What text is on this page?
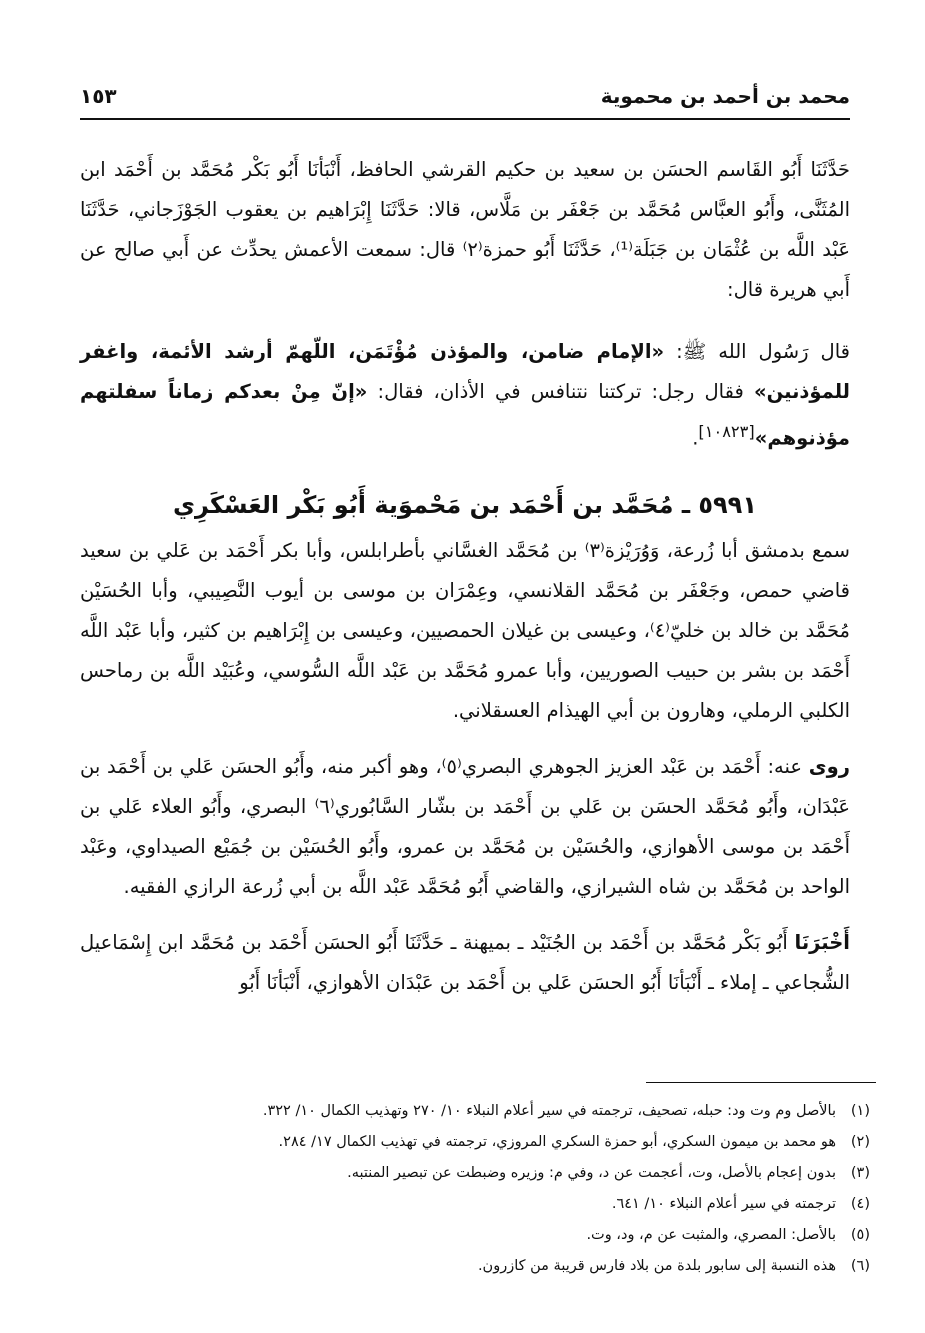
محمد بن أحمد بن محموية
١٥٣

حَدَّثَنَا أَبُو القَاسم الحسَن بن سعيد بن حكيم القرشي الحافظ، أَنْبَأنَا أَبُو بَكْر مُحَمَّد بن أَحْمَد ابن المُثَنَّى، وأَبُو العبَّاس مُحَمَّد بن جَعْفَر بن مَلَّاس، قالا: حَدَّثَنَا إِبْرَاهيم بن يعقوب الجَوْزَجاني، حَدَّثَنَا عَبْد اللَّه بن عُثْمَان بن جَبَلَة⁽¹⁾، حَدَّثَنَا أَبُو حمزة⁽٢⁾ قال: سمعت الأعمش يحدِّث عن أَبي صالح عن أَبي هريرة قال:

قال رَسُول الله ﷺ: «الإمام ضامن، والمؤذن مُؤْتَمَن، اللّهمّ أرشد الأئمة، واغفر للمؤذنين» فقال رجل: تركتنا نتنافس في الأذان، فقال: «إنّ مِنْ بعدكم زماناً سفلتهم مؤذنوهم»[١٠٨٢٣].

٥٩٩١ ـ مُحَمَّد بن أَحْمَد بن مَحْموَية أَبُو بَكْر العَسْكَرِي

سمع بدمشق أبا زُرعة، وَوُرَيْزة⁽٣⁾ بن مُحَمَّد الغسَّاني بأطرابلس، وأبا بكر أَحْمَد بن عَلي بن سعيد قاضي حمص، وجَعْفَر بن مُحَمَّد القلانسي، وعِمْرَان بن موسى بن أيوب النَّصِيبي، وأبا الحُسَيْن مُحَمَّد بن خالد بن خليّ⁽٤⁾، وعيسى بن غيلان الحمصيين، وعيسى بن إِبْرَاهيم بن كثير، وأبا عَبْد اللَّه أَحْمَد بن بشر بن حبيب الصوريين، وأبا عمرو مُحَمَّد بن عَبْد اللَّه السُّوسي، وعُبَيْد اللَّه بن رماحس الكلبي الرملي، وهارون بن أبي الهيذام العسقلاني.

روى عنه: أَحْمَد بن عَبْد العزيز الجوهري البصري⁽٥⁾، وهو أكبر منه، وأَبُو الحسَن عَلي بن أَحْمَد بن عَبْدَان، وأَبُو مُحَمَّد الحسَن بن عَلي بن أَحْمَد بن بشّار السَّابُوري⁽٦⁾ البصري، وأَبُو العلاء عَلي بن أَحْمَد بن موسى الأهوازي، والحُسَيْن بن مُحَمَّد بن عمرو، وأَبُو الحُسَيْن بن جُمَيْع الصيداوي، وعَبْد الواحد بن مُحَمَّد بن شاه الشيرازي، والقاضي أَبُو مُحَمَّد عَبْد اللَّه بن أبي زُرعة الرازي الفقيه.

أَخْبَرَنَا أَبُو بَكْر مُحَمَّد بن أَحْمَد بن الجُنَيْد ـ بميهنة ـ حَدَّثَنَا أَبُو الحسَن أَحْمَد بن مُحَمَّد ابن إِسْمَاعيل الشُّجاعي ـ إملاء ـ أَنْبَأنَا أَبُو الحسَن عَلي بن أَحْمَد بن عَبْدَان الأهوازي، أَنْبَأنَا أَبُو

(١)بالأصل وم وت ود: حبله، تصحيف، ترجمته في سير أعلام النبلاء ١٠/ ٢٧٠ وتهذيب الكمال ١٠/ ٣٢٢.
(٢)هو محمد بن ميمون السكري، أبو حمزة السكري المروزي، ترجمته في تهذيب الكمال ١٧/ ٢٨٤.
(٣)بدون إعجام بالأصل، وت، أعجمت عن د، وفي م: وزيره وضبطت عن تبصير المنتبه.
(٤)ترجمته في سير أعلام النبلاء ١٠/ ٦٤١.
(٥)بالأصل: المصري، والمثبت عن م، ود، وت.
(٦)هذه النسبة إلى سابور بلدة من بلاد فارس قريبة من كازرون.
